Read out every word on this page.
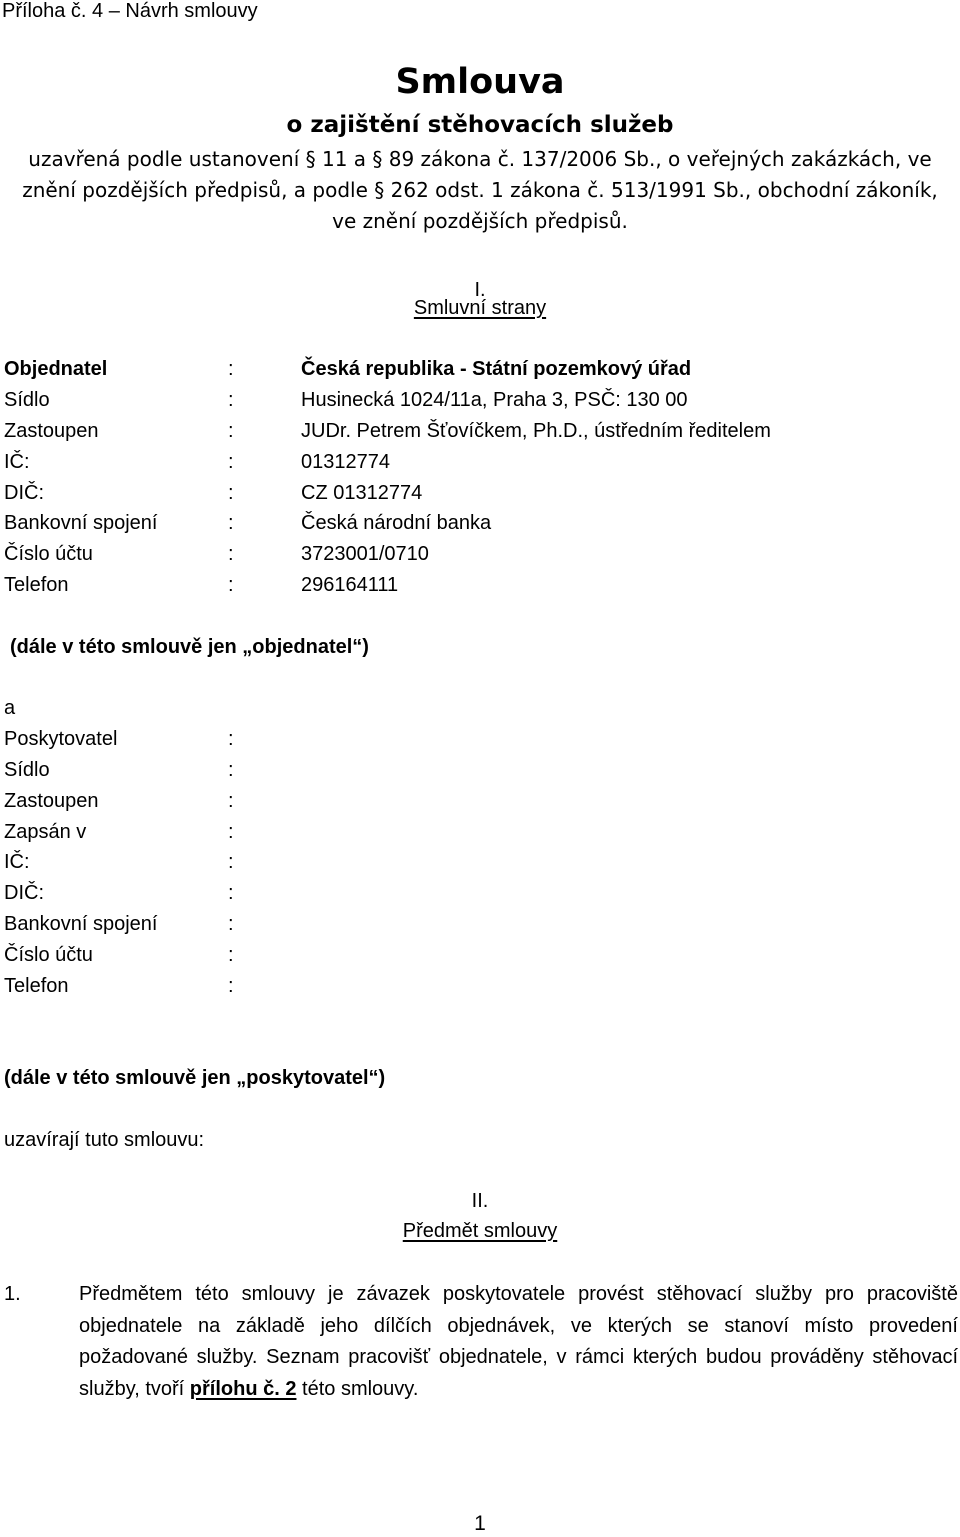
Příloha č. 4 – Návrh smlouvy
Smlouva
o zajištění stěhovacích služeb
uzavřená podle ustanovení § 11 a § 89 zákona č. 137/2006 Sb., o veřejných zakázkách, ve
znění pozdějších předpisů, a podle § 262 odst. 1 zákona č. 513/1991 Sb., obchodní zákoník,
ve znění pozdějších předpisů.
I.
Smluvní strany
Objednatel	:	Česká republika - Státní pozemkový úřad
Sídlo	:	Husinecká 1024/11a, Praha 3, PSČ: 130 00
Zastoupen	:	JUDr. Petrem Šťovíčkem, Ph.D., ústředním ředitelem
IČ:	:	01312774
DIČ:	:	CZ 01312774
Bankovní spojení	:	Česká národní banka
Číslo účtu	:	3723001/0710
Telefon	:	296164111
(dále v této smlouvě jen „objednatel“)
a
Poskytovatel	:
Sídlo	:
Zastoupen	:
Zapsán v	:
IČ:	:
DIČ:	:
Bankovní spojení	:
Číslo účtu	:
Telefon	:
(dále v této smlouvě jen „poskytovatel“)
uzavírají tuto smlouvu:
II.
Předmět smlouvy
1.	Předmětem této smlouvy je závazek poskytovatele provést stěhovací služby pro pracoviště objednatele na základě jeho dílčích objednávek, ve kterých se stanoví místo provedení požadované služby. Seznam pracovišť objednatele, v rámci kterých budou prováděny stěhovací služby, tvoří přílohu č. 2 této smlouvy.
1
